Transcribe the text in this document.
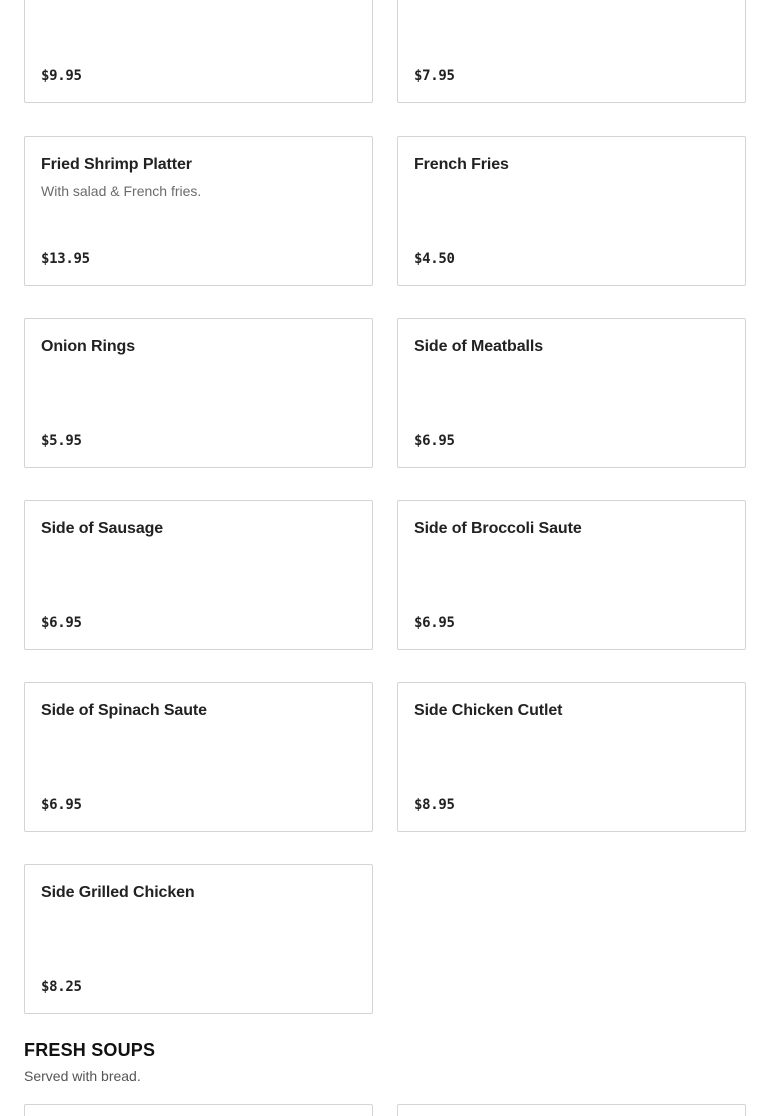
$9.95	$7.95
Fried Shrimp Platter
With salad & French fries.
$13.95
French Fries
$4.50
Onion Rings
$5.95
Side of Meatballs
$6.95
Side of Sausage
$6.95
Side of Broccoli Saute
$6.95
Side of Spinach Saute
$6.95
Side Chicken Cutlet
$8.95
Side Grilled Chicken
$8.25
FRESH SOUPS
Served with bread.
